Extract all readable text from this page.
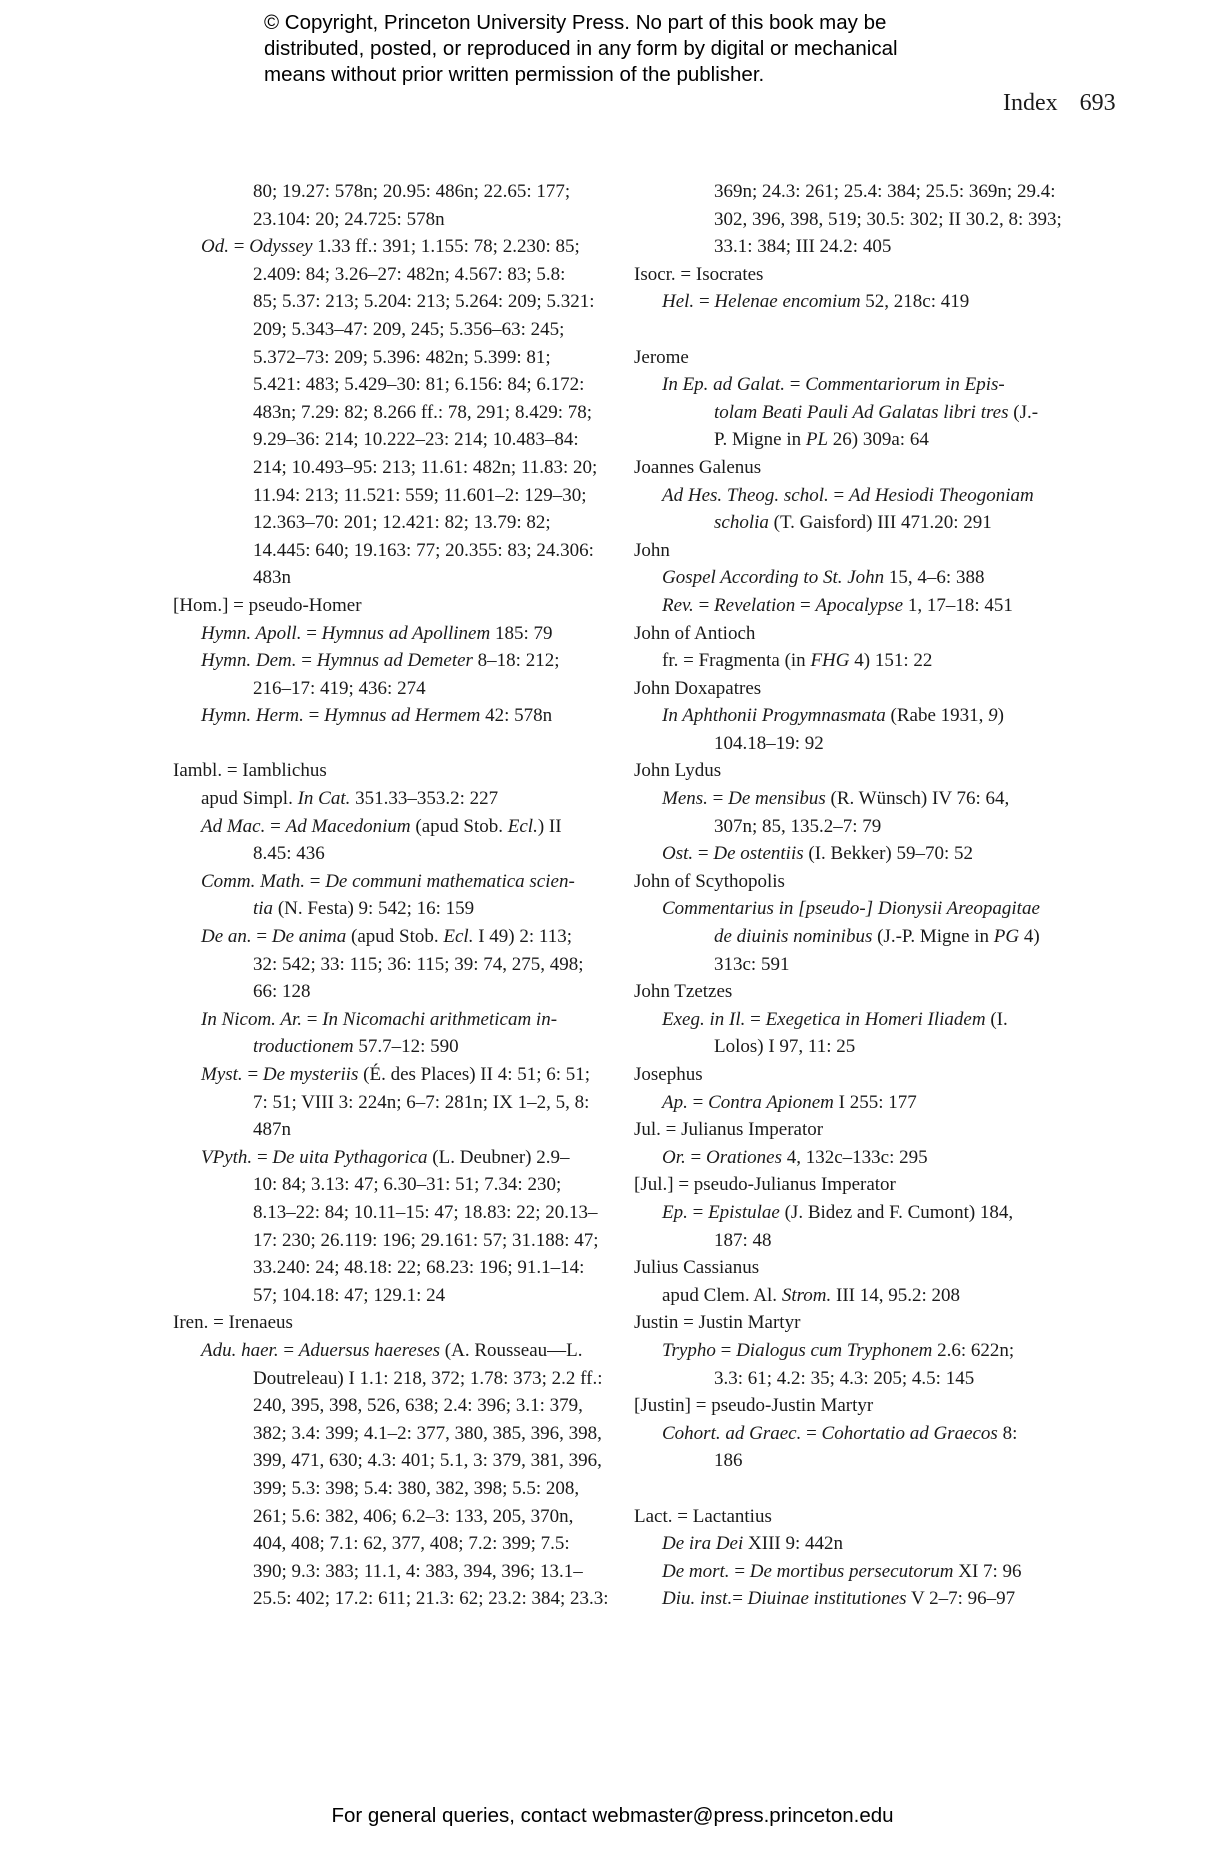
© Copyright, Princeton University Press. No part of this book may be
distributed, posted, or reproduced in any form by digital or mechanical
means without prior written permission of the publisher.
Index 693
80; 19.27: 578n; 20.95: 486n; 22.65: 177;
23.104: 20; 24.725: 578n
Od. = Odyssey 1.33 ff.: 391; 1.155: 78; 2.230: 85;
2.409: 84; 3.26–27: 482n; 4.567: 83; 5.8:
85; 5.37: 213; 5.204: 213; 5.264: 209; 5.321:
209; 5.343–47: 209, 245; 5.356–63: 245;
5.372–73: 209; 5.396: 482n; 5.399: 81;
5.421: 483; 5.429–30: 81; 6.156: 84; 6.172:
483n; 7.29: 82; 8.266 ff.: 78, 291; 8.429: 78;
9.29–36: 214; 10.222–23: 214; 10.483–84:
214; 10.493–95: 213; 11.61: 482n; 11.83: 20;
11.94: 213; 11.521: 559; 11.601–2: 129–30;
12.363–70: 201; 12.421: 82; 13.79: 82;
14.445: 640; 19.163: 77; 20.355: 83; 24.306:
483n
[Hom.] = pseudo-Homer
Hymn. Apoll. = Hymnus ad Apollinem 185: 79
Hymn. Dem. = Hymnus ad Demeter 8–18: 212;
216–17: 419; 436: 274
Hymn. Herm. = Hymnus ad Hermem 42: 578n
Iambl. = Iamblichus
apud Simpl. In Cat. 351.33–353.2: 227
Ad Mac. = Ad Macedonium (apud Stob. Ecl.) II
8.45: 436
Comm. Math. = De communi mathematica scien-
tia (N. Festa) 9: 542; 16: 159
De an. = De anima (apud Stob. Ecl. I 49) 2: 113;
32: 542; 33: 115; 36: 115; 39: 74, 275, 498;
66: 128
In Nicom. Ar. = In Nicomachi arithmeticam in-
troductionem 57.7–12: 590
Myst. = De mysteriis (É. des Places) II 4: 51; 6: 51;
7: 51; VIII 3: 224n; 6–7: 281n; IX 1–2, 5, 8:
487n
VPyth. = De uita Pythagorica (L. Deubner) 2.9–
10: 84; 3.13: 47; 6.30–31: 51; 7.34: 230;
8.13–22: 84; 10.11–15: 47; 18.83: 22; 20.13–
17: 230; 26.119: 196; 29.161: 57; 31.188: 47;
33.240: 24; 48.18: 22; 68.23: 196; 91.1–14:
57; 104.18: 47; 129.1: 24
Iren. = Irenaeus
Adu. haer. = Aduersus haereses (A. Rousseau—L.
Doutreleau) I 1.1: 218, 372; 1.78: 373; 2.2 ff.:
240, 395, 398, 526, 638; 2.4: 396; 3.1: 379,
382; 3.4: 399; 4.1–2: 377, 380, 385, 396, 398,
399, 471, 630; 4.3: 401; 5.1, 3: 379, 381, 396,
399; 5.3: 398; 5.4: 380, 382, 398; 5.5: 208,
261; 5.6: 382, 406; 6.2–3: 133, 205, 370n,
404, 408; 7.1: 62, 377, 408; 7.2: 399; 7.5:
390; 9.3: 383; 11.1, 4: 383, 394, 396; 13.1–
25.5: 402; 17.2: 611; 21.3: 62; 23.2: 384; 23.3:
369n; 24.3: 261; 25.4: 384; 25.5: 369n; 29.4:
302, 396, 398, 519; 30.5: 302; II 30.2, 8: 393;
33.1: 384; III 24.2: 405
Isocr. = Isocrates
Hel. = Helenae encomium 52, 218c: 419
Jerome
In Ep. ad Galat. = Commentariorum in Epis-
tolam Beati Pauli Ad Galatas libri tres (J.-
P. Migne in PL 26) 309a: 64
Joannes Galenus
Ad Hes. Theog. schol. = Ad Hesiodi Theogoniam
scholia (T. Gaisford) III 471.20: 291
John
Gospel According to St. John 15, 4–6: 388
Rev. = Revelation = Apocalypse 1, 17–18: 451
John of Antioch
fr. = Fragmenta (in FHG 4) 151: 22
John Doxapatres
In Aphthonii Progymnasmata (Rabe 1931, 9)
104.18–19: 92
John Lydus
Mens. = De mensibus (R. Wünsch) IV 76: 64,
307n; 85, 135.2–7: 79
Ost. = De ostentiis (I. Bekker) 59–70: 52
John of Scythopolis
Commentarius in [pseudo-] Dionysii Areopagitae
de diuinis nominibus (J.-P. Migne in PG 4)
313c: 591
John Tzetzes
Exeg. in Il. = Exegetica in Homeri Iliadem (I.
Lolos) I 97, 11: 25
Josephus
Ap. = Contra Apionem I 255: 177
Jul. = Julianus Imperator
Or. = Orationes 4, 132c–133c: 295
[Jul.] = pseudo-Julianus Imperator
Ep. = Epistulae (J. Bidez and F. Cumont) 184,
187: 48
Julius Cassianus
apud Clem. Al. Strom. III 14, 95.2: 208
Justin = Justin Martyr
Trypho = Dialogus cum Tryphonem 2.6: 622n;
3.3: 61; 4.2: 35; 4.3: 205; 4.5: 145
[Justin] = pseudo-Justin Martyr
Cohort. ad Graec. = Cohortatio ad Graecos 8:
186
Lact. = Lactantius
De ira Dei XIII 9: 442n
De mort. = De mortibus persecutorum XI 7: 96
Diu. inst.= Diuinae institutiones V 2–7: 96–97
For general queries, contact webmaster@press.princeton.edu
